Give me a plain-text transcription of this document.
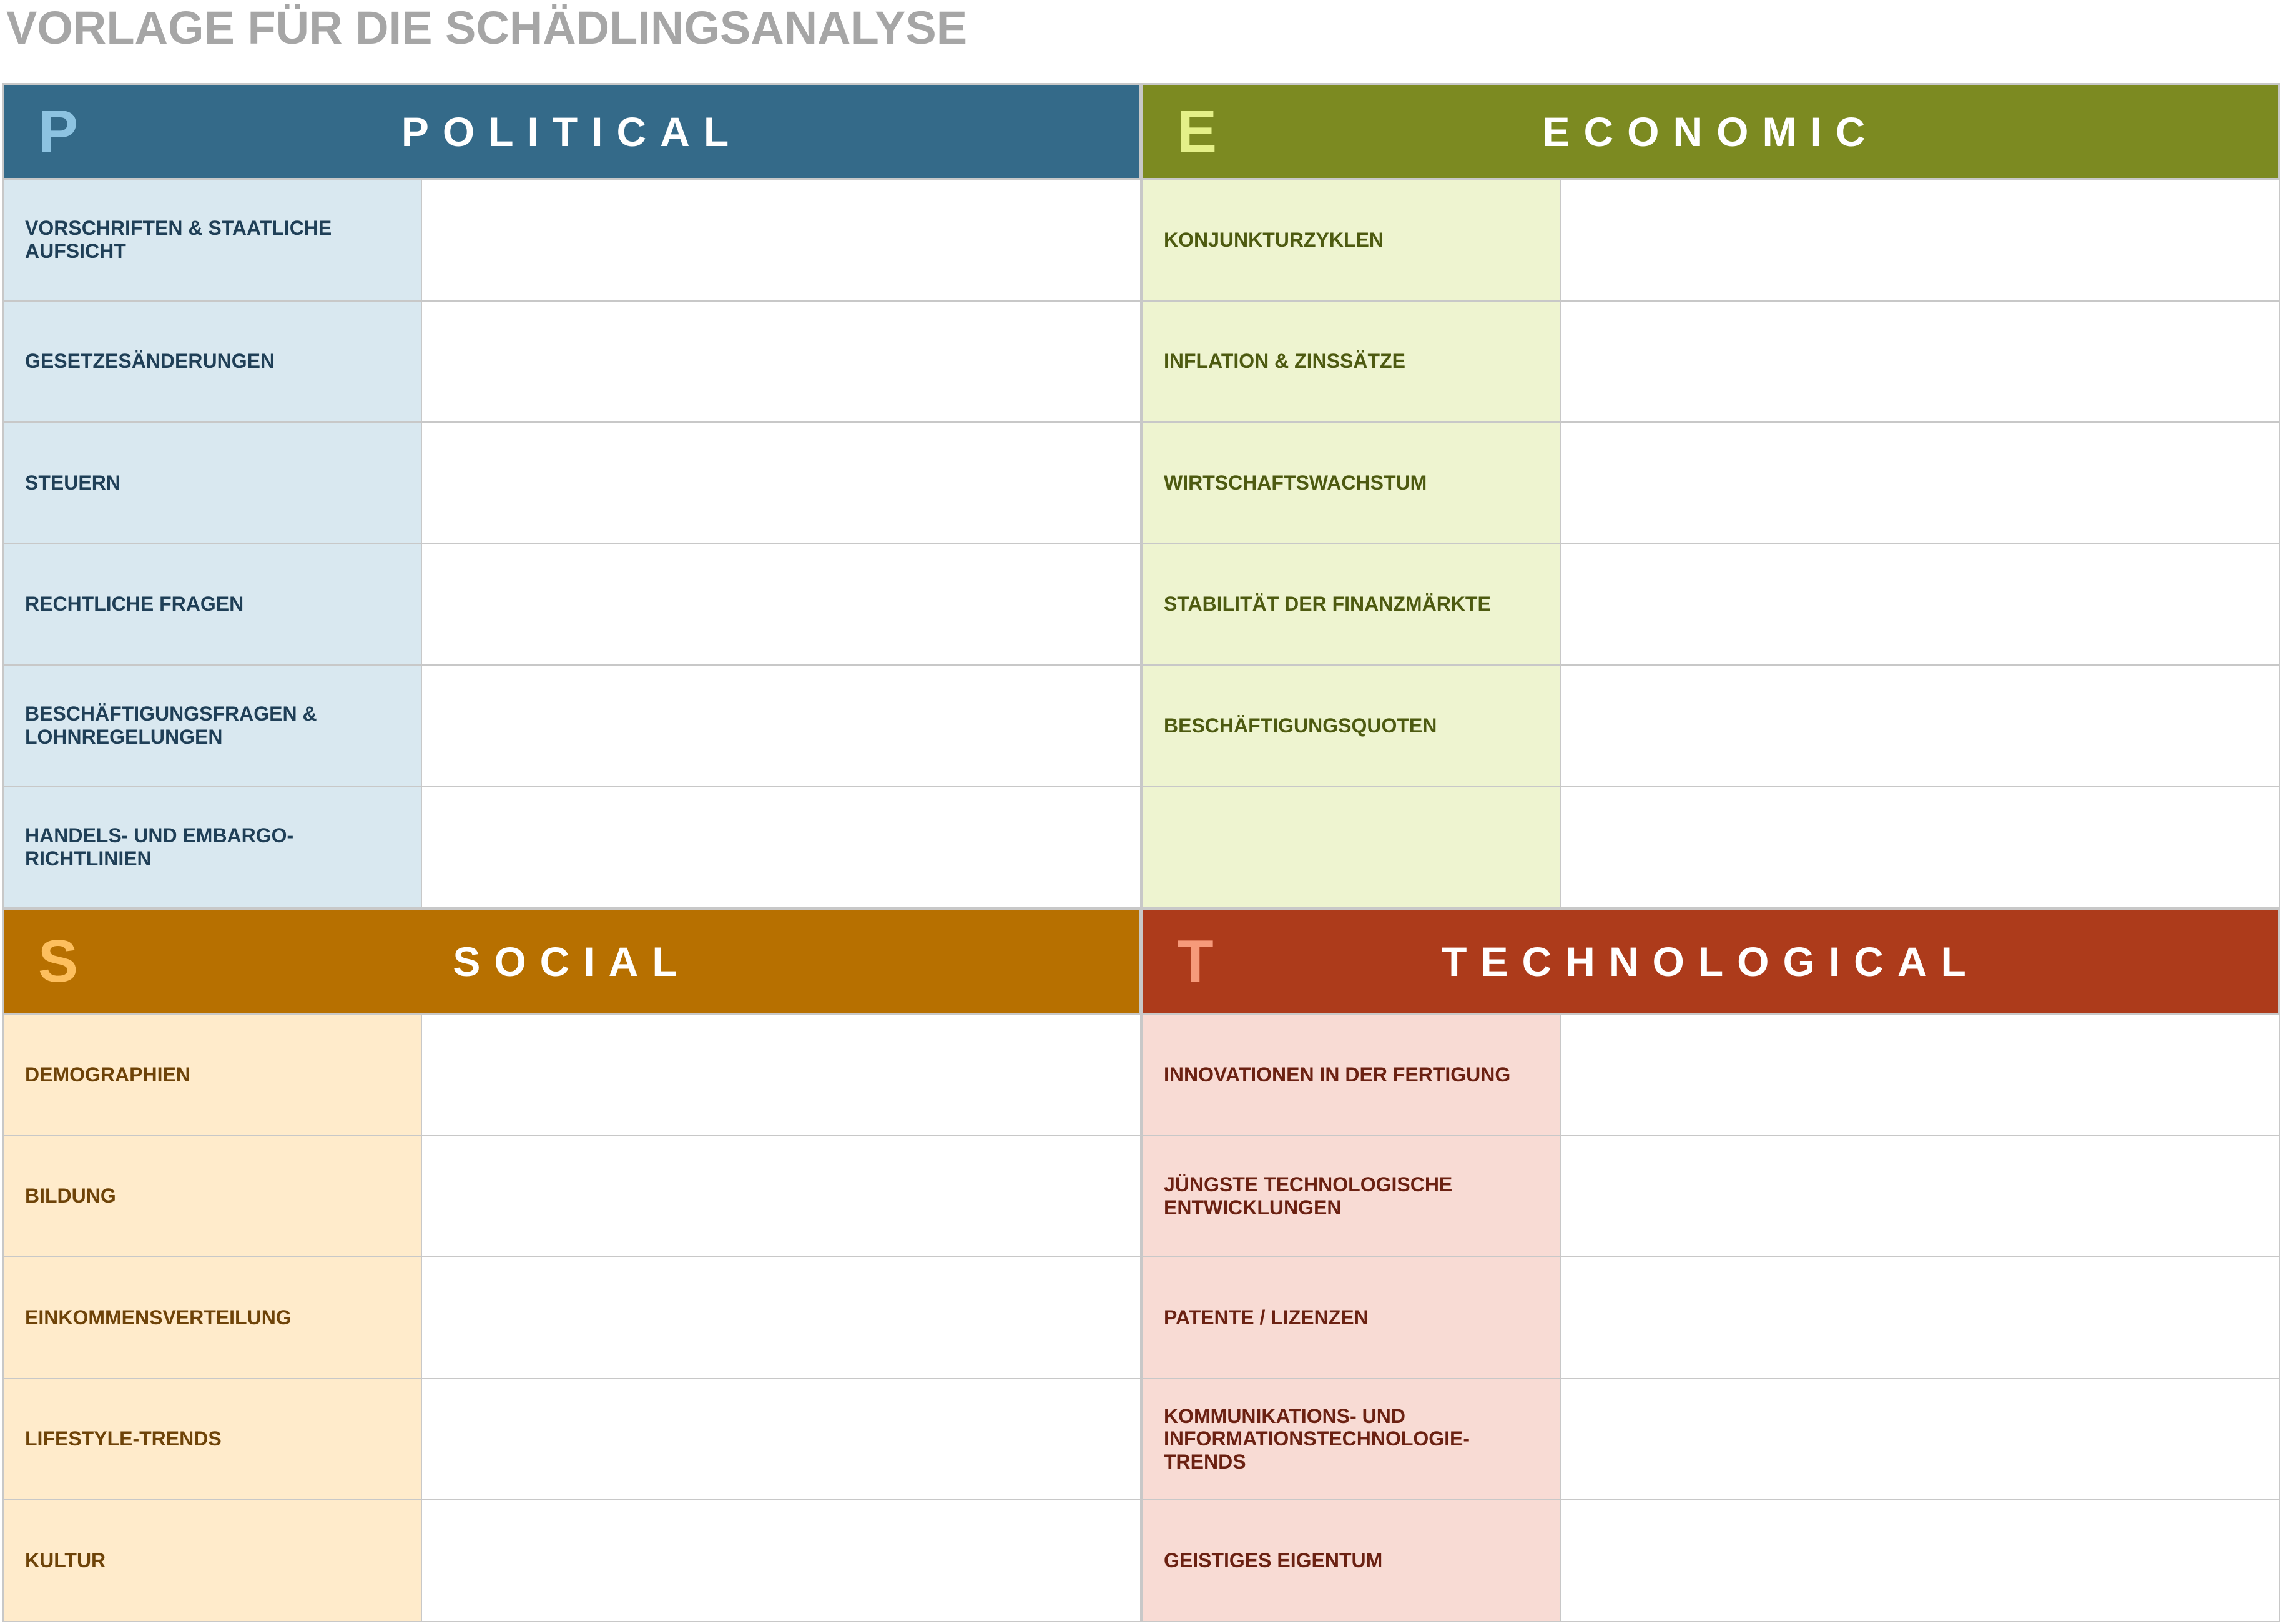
VORLAGE FÜR DIE SCHÄDLINGSANALYSE
P	POLITICAL
VORSCHRIFTEN & STAATLICHE AUFSICHT
GESETZESÄNDERUNGEN
STEUERN
RECHTLICHE FRAGEN
BESCHÄFTIGUNGSFRAGEN & LOHNREGELUNGEN
HANDELS- UND EMBARGO-RICHTLINIEN
E	ECONOMIC
KONJUNKTURZYKLEN
INFLATION & ZINSSÄTZE
WIRTSCHAFTSWACHSTUM
STABILITÄT DER FINANZMÄRKTE
BESCHÄFTIGUNGSQUOTEN
S	SOCIAL
DEMOGRAPHIEN
BILDUNG
EINKOMMENSVERTEILUNG
LIFESTYLE-TRENDS
KULTUR
T	TECHNOLOGICAL
INNOVATIONEN IN DER FERTIGUNG
JÜNGSTE TECHNOLOGISCHE ENTWICKLUNGEN
PATENTE / LIZENZEN
KOMMUNIKATIONS- UND INFORMATIONSTECHNOLOGIE-TRENDS
GEISTIGES EIGENTUM
